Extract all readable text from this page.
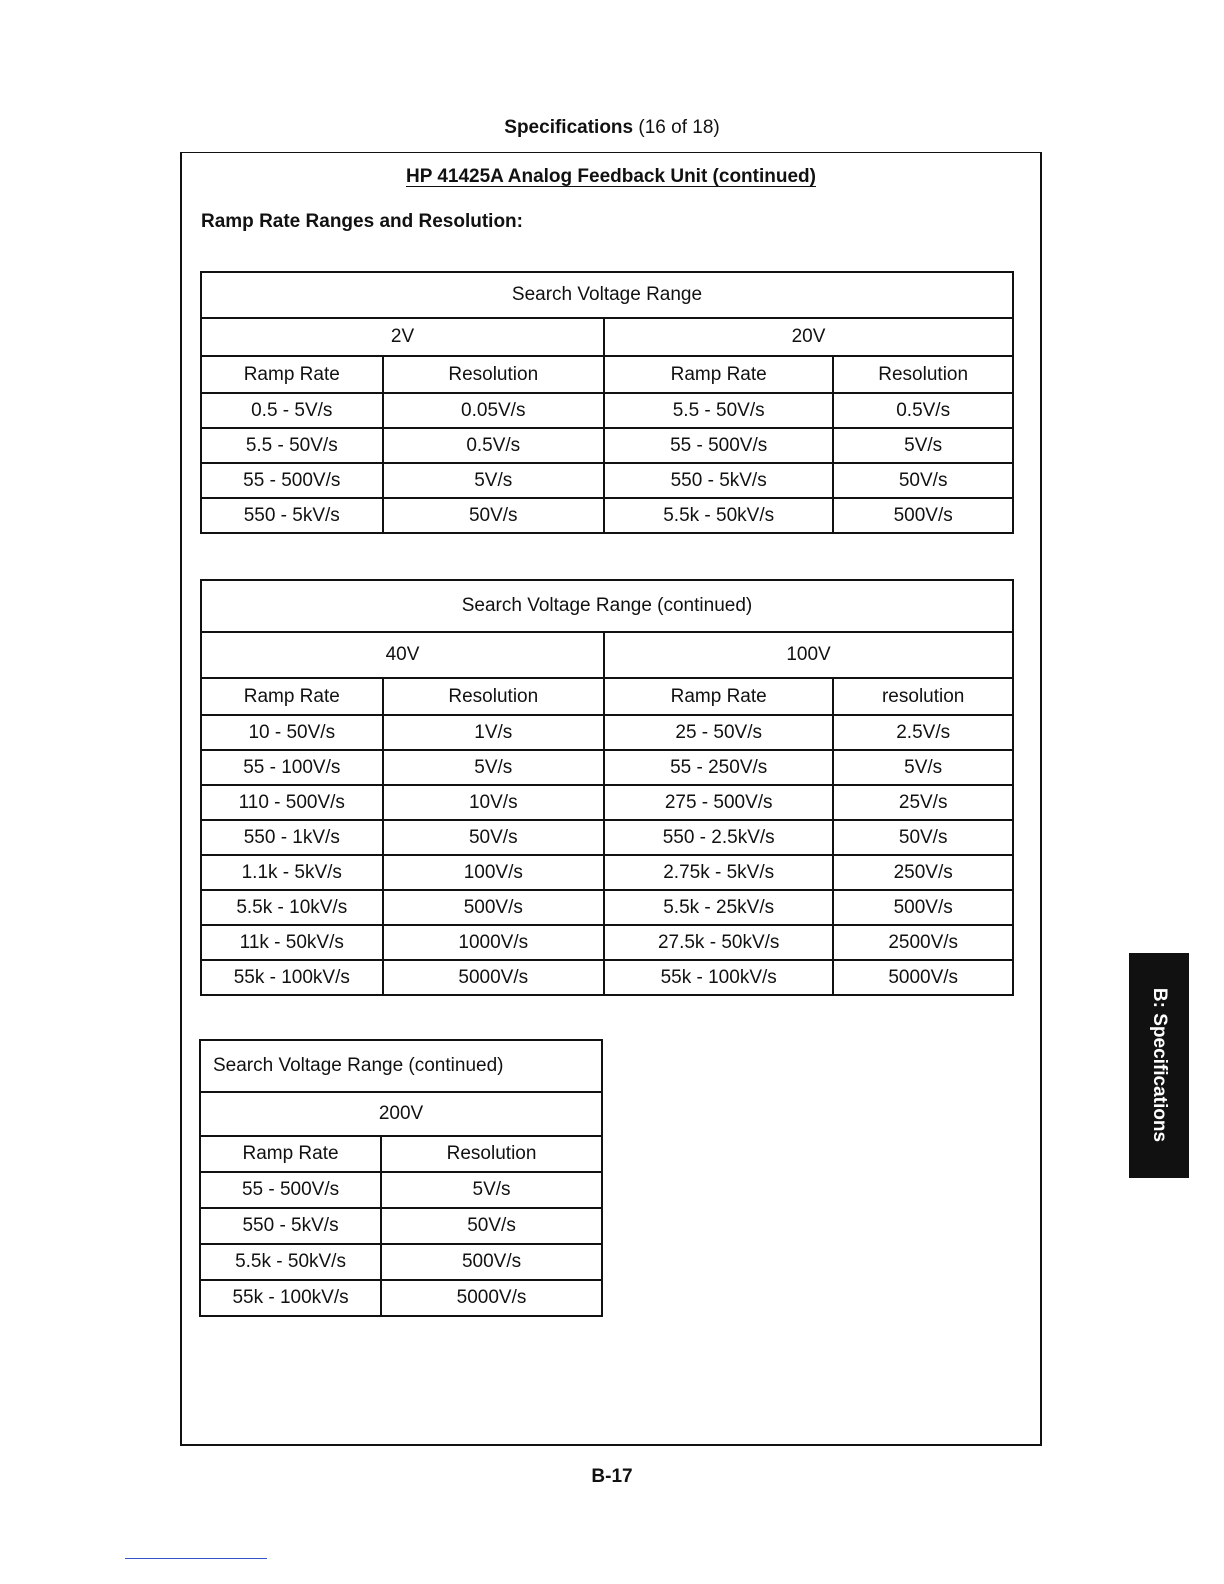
Specifications (16 of 18)
HP 41425A Analog Feedback Unit (continued)
Ramp Rate Ranges and Resolution:
Search Voltage Range			
2V		20V	
Ramp Rate	Resolution	Ramp Rate	Resolution
0.5 - 5V/s	0.05V/s	5.5 - 50V/s	0.5V/s
5.5 - 50V/s	0.5V/s	55 - 500V/s	5V/s
55 - 500V/s	5V/s	550 - 5kV/s	50V/s
550 - 5kV/s	50V/s	5.5k - 50kV/s	500V/s
Search Voltage Range (continued)			
40V		100V	
Ramp Rate	Resolution	Ramp Rate	resolution
10 - 50V/s	1V/s	25 - 50V/s	2.5V/s
55 - 100V/s	5V/s	55 - 250V/s	5V/s
110 - 500V/s	10V/s	275 - 500V/s	25V/s
550 - 1kV/s	50V/s	550 - 2.5kV/s	50V/s
1.1k - 5kV/s	100V/s	2.75k - 5kV/s	250V/s
5.5k - 10kV/s	500V/s	5.5k - 25kV/s	500V/s
11k - 50kV/s	1000V/s	27.5k - 50kV/s	2500V/s
55k - 100kV/s	5000V/s	55k - 100kV/s	5000V/s
Search Voltage Range (continued)	
200V	
Ramp Rate	Resolution
55 - 500V/s	5V/s
550 - 5kV/s	50V/s
5.5k - 50kV/s	500V/s
55k - 100kV/s	5000V/s
B: Specifications
B-17
